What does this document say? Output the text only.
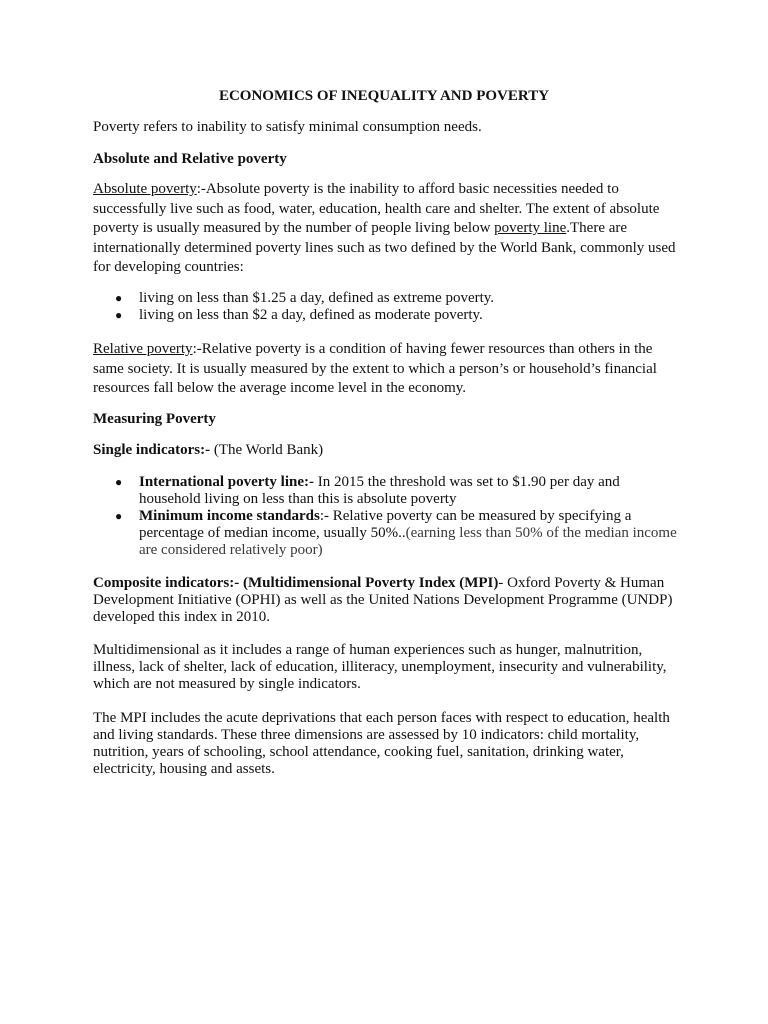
ECONOMICS OF INEQUALITY AND POVERTY

Poverty refers to inability to satisfy minimal consumption needs.

Absolute and Relative poverty

Absolute poverty:-Absolute poverty is the inability to afford basic necessities needed to successfully live such as food, water, education, health care and shelter. The extent of absolute poverty is usually measured by the number of people living below poverty line.There are internationally determined poverty lines such as two defined by the World Bank, commonly used for developing countries:

● living on less than $1.25 a day, defined as extreme poverty.
● living on less than $2 a day, defined as moderate poverty.

Relative poverty:-Relative poverty is a condition of having fewer resources than others in the same society. It is usually measured by the extent to which a person’s or household’s financial resources fall below the average income level in the economy.

Measuring Poverty

Single indicators:- (The World Bank)

● International poverty line:- In 2015 the threshold was set to $1.90 per day and household living on less than this is absolute poverty
● Minimum income standards:- Relative poverty can be measured by specifying a percentage of median income, usually 50%..(earning less than 50% of the median income are considered relatively poor)

Composite indicators:- (Multidimensional Poverty Index (MPI)- Oxford Poverty & Human Development Initiative (OPHI) as well as the United Nations Development Programme (UNDP) developed this index in 2010.

Multidimensional as it includes a range of human experiences such as hunger, malnutrition, illness, lack of shelter, lack of education, illiteracy, unemployment, insecurity and vulnerability, which are not measured by single indicators.

The MPI includes the acute deprivations that each person faces with respect to education, health and living standards. These three dimensions are assessed by 10 indicators: child mortality, nutrition, years of schooling, school attendance, cooking fuel, sanitation, drinking water, electricity, housing and assets.
